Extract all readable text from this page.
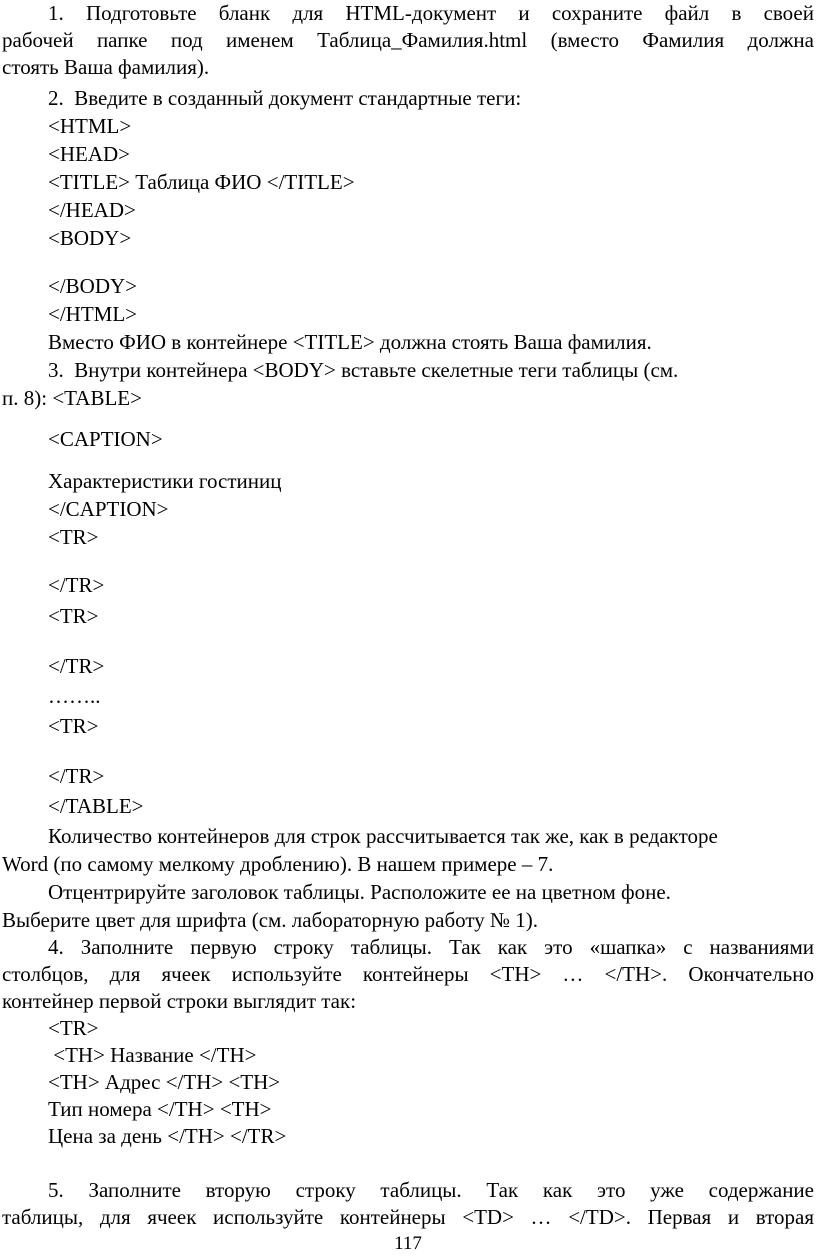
117
1. Подготовьте бланк для HTML-документ и сохраните файл в своей
рабочей папке под именем Таблица_Фамилия.html (вместо Фамилия должна
стоять Ваша фамилия).
2.  Введите в созданный документ стандартные теги:
<HTML>
<HEAD>
<TITLE> Таблица ФИО </TITLE>
</HEAD>
<BODY>
</BODY>
</HTML>
Вместо ФИО в контейнере <TITLE> должна стоять Ваша фамилия.
3.  Внутри контейнера <BODY> вставьте скелетные теги таблицы (см.
п. 8): <TABLE>
<CAPTION>
Характеристики гостиниц
</CAPTION>
<TR>
</TR>
<TR>
</TR>
……..
<TR>
</TR>
</TABLE>
Количество контейнеров для строк рассчитывается так же, как в редакторе
Word (по самому мелкому дроблению). В нашем примере – 7.
Отцентрируйте заголовок таблицы. Расположите ее на цветном фоне.
Выберите цвет для шрифта (см. лабораторную работу № 1).
4. Заполните первую строку таблицы. Так как это «шапка» с названиями
столбцов, для ячеек используйте контейнеры <TH> … </TH>. Окончательно
контейнер первой строки выглядит так:
<TR>
<TH> Название </TH>
<TH> Адрес </TH> <TH>
Тип номера </TH> <TH>
Цена за день </TH> </TR>
5. Заполните вторую строку таблицы. Так как это уже содержание
таблицы, для ячеек используйте контейнеры <TD> … </TD>. Первая и вторая
